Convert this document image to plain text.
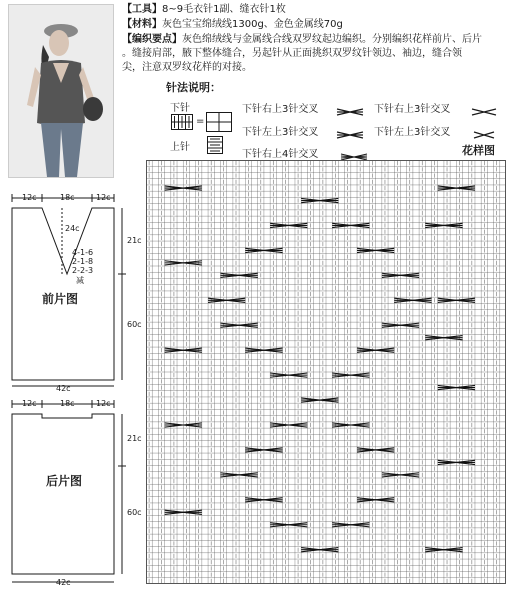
【工具】8~9毛衣针1副、缝衣针1枚
【材料】灰色宝宝绵绒线1300g、金色金属线70g
【编织要点】灰色绵绒线与金属线合线双罗纹起边编织。分别编织花样前片、后片
。缝接肩部，腋下整体缝合，另起针从正面挑织双罗纹针领边、袖边，缝合领
尖，注意双罗纹花样的对接。
针法说明：
下针
=
上针
下针右上3针交叉	下针右上3针交叉
下针左上3针交叉	下针左上3针交叉
下针右上4针交叉	花样图
12c	18c	12c
24c
4-1-6
2-1-8
2-2-3
减
21c
60c
42c
前片图
12c	18c	12c
21c
60c
42c
后片图
